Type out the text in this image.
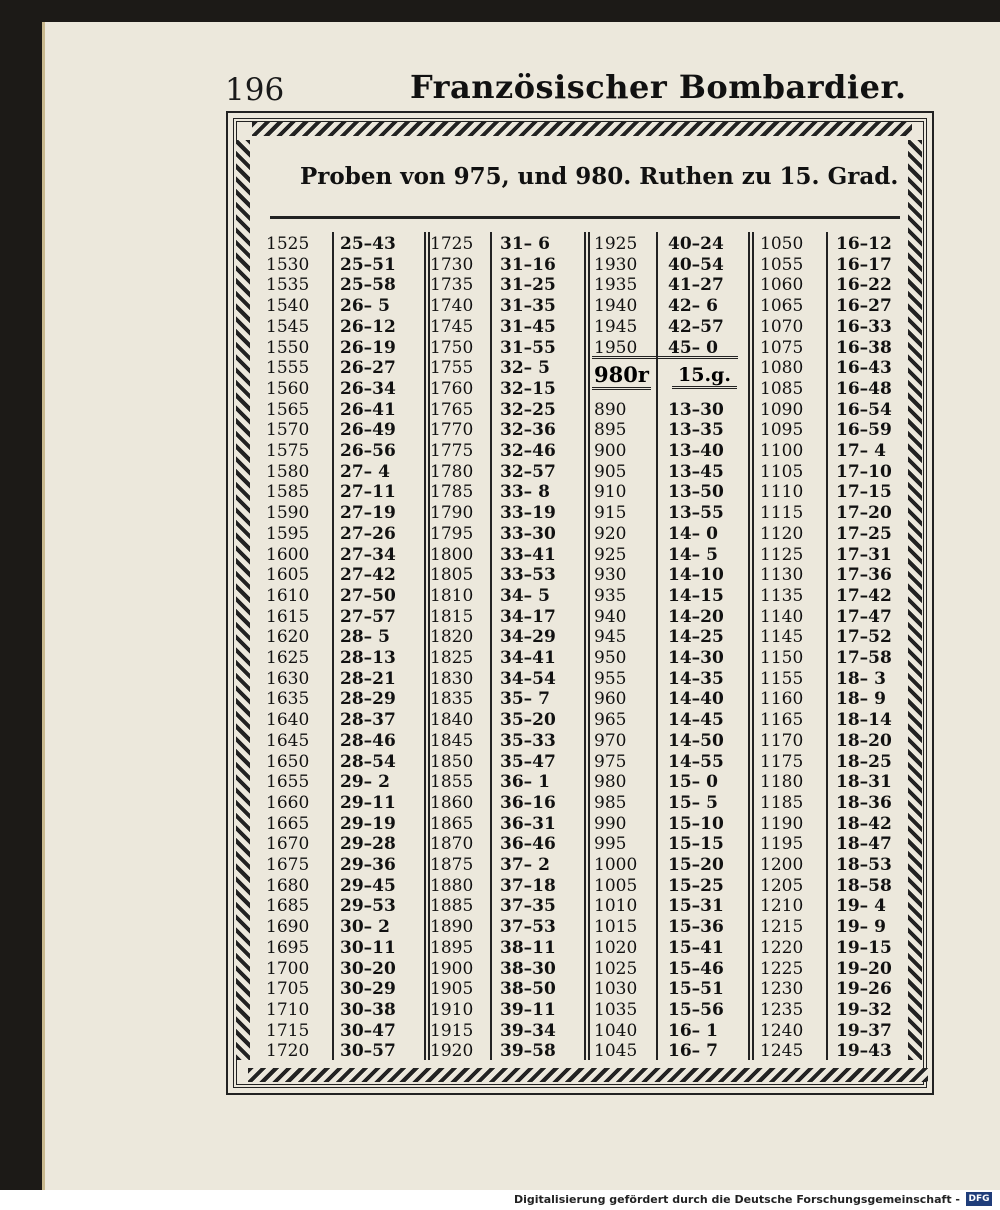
196	Französischer Bombardier.
Proben von 975, und 980. Ruthen zu 15. Grad.
980r	15.g.
1525
1530
1535
1540
1545
1550
1555
1560
1565
1570
1575
1580
1585
1590
1595
1600
1605
1610
1615
1620
1625
1630
1635
1640
1645
1650
1655
1660
1665
1670
1675
1680
1685
1690
1695
1700
1705
1710
1715
1720
25–43
25–51
25–58
26– 5
26–12
26–19
26–27
26–34
26–41
26–49
26–56
27– 4
27–11
27–19
27–26
27–34
27–42
27–50
27–57
28– 5
28–13
28–21
28–29
28–37
28–46
28–54
29– 2
29–11
29–19
29–28
29–36
29–45
29–53
30– 2
30–11
30–20
30–29
30–38
30–47
30–57
1725
1730
1735
1740
1745
1750
1755
1760
1765
1770
1775
1780
1785
1790
1795
1800
1805
1810
1815
1820
1825
1830
1835
1840
1845
1850
1855
1860
1865
1870
1875
1880
1885
1890
1895
1900
1905
1910
1915
1920
31– 6
31–16
31–25
31–35
31–45
31–55
32– 5
32–15
32–25
32–36
32–46
32–57
33– 8
33–19
33–30
33–41
33–53
34– 5
34–17
34–29
34–41
34–54
35– 7
35–20
35–33
35–47
36– 1
36–16
36–31
36–46
37– 2
37–18
37–35
37–53
38–11
38–30
38–50
39–11
39–34
39–58
1925
1930
1935
1940
1945
1950
40–24
40–54
41–27
42– 6
42–57
45– 0
890
895
900
905
910
915
920
925
930
935
940
945
950
955
960
965
970
975
980
985
990
995
1000
1005
1010
1015
1020
1025
1030
1035
1040
1045
13–30
13–35
13–40
13–45
13–50
13–55
14– 0
14– 5
14–10
14–15
14–20
14–25
14–30
14–35
14–40
14–45
14–50
14–55
15– 0
15– 5
15–10
15–15
15–20
15–25
15–31
15–36
15–41
15–46
15–51
15–56
16– 1
16– 7
1050
1055
1060
1065
1070
1075
1080
1085
1090
1095
1100
1105
1110
1115
1120
1125
1130
1135
1140
1145
1150
1155
1160
1165
1170
1175
1180
1185
1190
1195
1200
1205
1210
1215
1220
1225
1230
1235
1240
1245
16–12
16–17
16–22
16–27
16–33
16–38
16–43
16–48
16–54
16–59
17– 4
17–10
17–15
17–20
17–25
17–31
17–36
17–42
17–47
17–52
17–58
18– 3
18– 9
18–14
18–20
18–25
18–31
18–36
18–42
18–47
18–53
18–58
19– 4
19– 9
19–15
19–20
19–26
19–32
19–37
19–43
Digitalisierung gefördert durch die Deutsche Forschungsgemeinschaft - DFG
